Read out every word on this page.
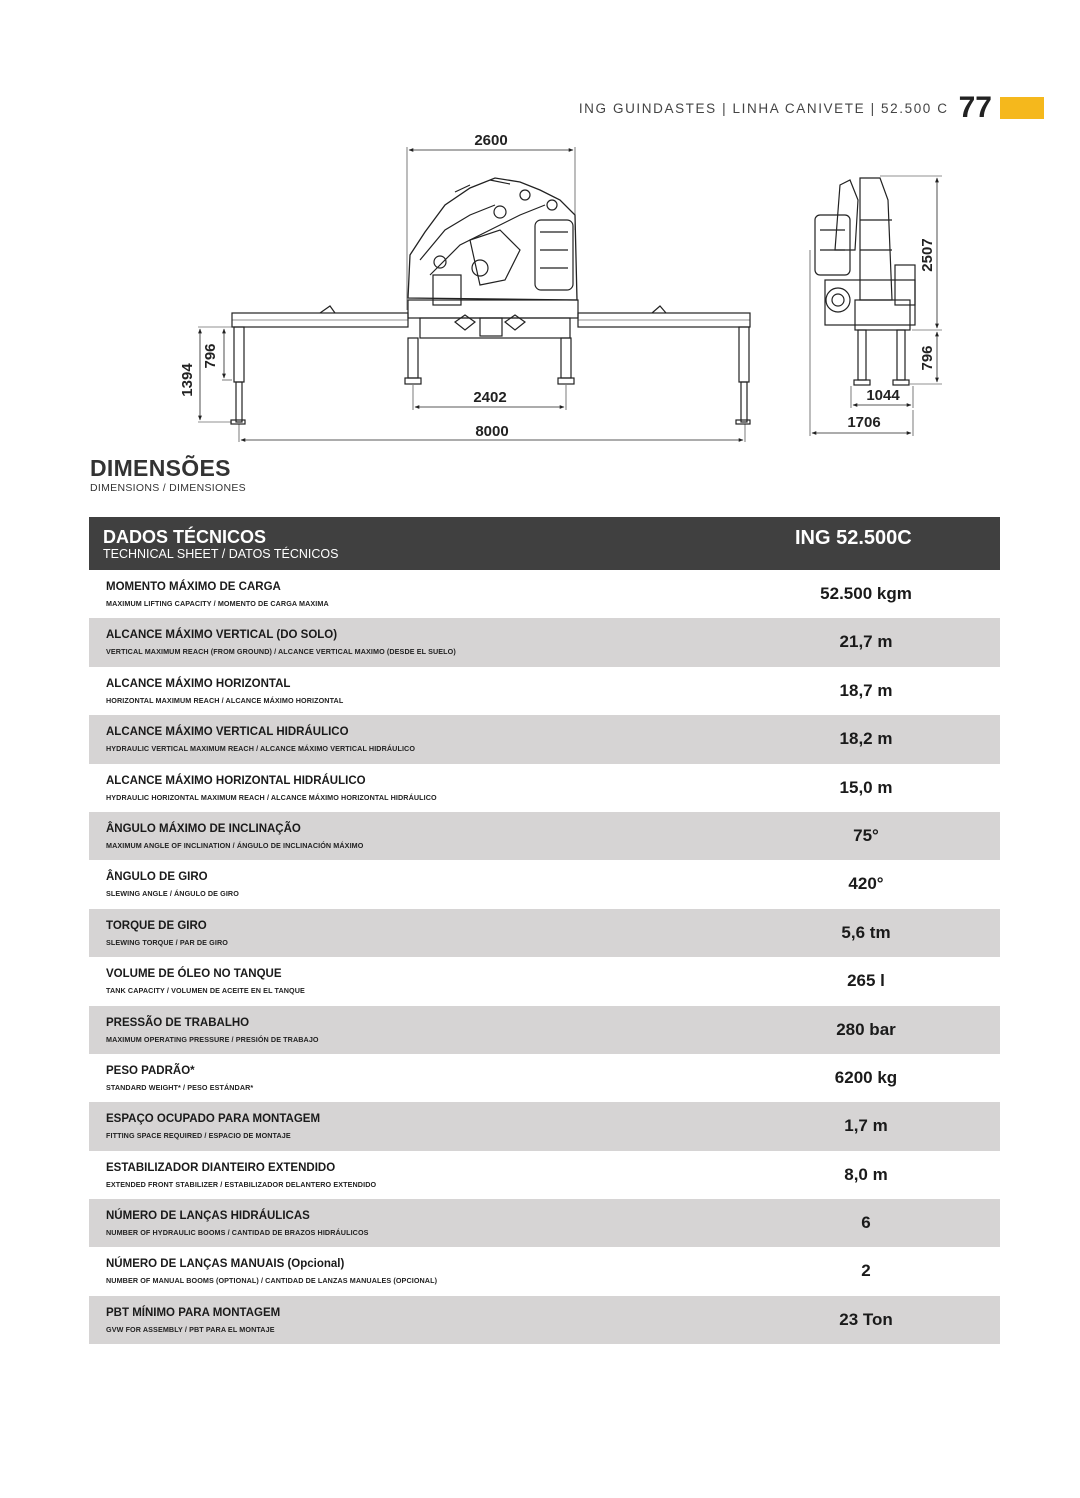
ING GUINDASTES | LINHA CANIVETE | 52.500 C 77
2600
796
1394
2402
8000
2507
796
1044
1706
DIMENSÕES
DIMENSIONS / DIMENSIONES
DADOS TÉCNICOS
TECHNICAL SHEET / DATOS TÉCNICOS
ING 52.500C
MOMENTO MÁXIMO DE CARGA
MAXIMUM LIFTING CAPACITY / MOMENTO DE CARGA MAXIMA
52.500 kgm
ALCANCE MÁXIMO VERTICAL (DO SOLO)
VERTICAL MAXIMUM REACH (FROM GROUND) / ALCANCE VERTICAL MAXIMO (DESDE EL SUELO)
21,7 m
ALCANCE MÁXIMO HORIZONTAL
HORIZONTAL MAXIMUM REACH / ALCANCE MÁXIMO HORIZONTAL
18,7 m
ALCANCE MÁXIMO VERTICAL HIDRÁULICO
HYDRAULIC VERTICAL MAXIMUM REACH / ALCANCE MÁXIMO VERTICAL HIDRÁULICO
18,2 m
ALCANCE MÁXIMO HORIZONTAL HIDRÁULICO
HYDRAULIC HORIZONTAL MAXIMUM REACH / ALCANCE MÁXIMO HORIZONTAL HIDRÁULICO
15,0 m
ÂNGULO MÁXIMO DE INCLINAÇÃO
MAXIMUM ANGLE OF INCLINATION / ÁNGULO DE INCLINACIÓN MÁXIMO
75°
ÂNGULO DE GIRO
SLEWING ANGLE / ÁNGULO DE GIRO
420°
TORQUE DE GIRO
SLEWING TORQUE / PAR DE GIRO
5,6 tm
VOLUME DE ÓLEO NO TANQUE
TANK CAPACITY / VOLUMEN DE ACEITE EN EL TANQUE
265 l
PRESSÃO DE TRABALHO
MAXIMUM OPERATING PRESSURE / PRESIÓN DE TRABAJO
280 bar
PESO PADRÃO*
STANDARD WEIGHT* / PESO ESTÁNDAR*
6200 kg
ESPAÇO OCUPADO PARA MONTAGEM
FITTING SPACE REQUIRED / ESPACIO DE MONTAJE
1,7 m
ESTABILIZADOR DIANTEIRO EXTENDIDO
EXTENDED FRONT STABILIZER / ESTABILIZADOR DELANTERO EXTENDIDO
8,0 m
NÚMERO DE LANÇAS HIDRÁULICAS
NUMBER OF HYDRAULIC BOOMS / CANTIDAD DE BRAZOS HIDRÁULICOS
6
NÚMERO DE LANÇAS MANUAIS (Opcional)
NUMBER OF MANUAL BOOMS (OPTIONAL) / CANTIDAD DE LANZAS MANUALES (OPCIONAL)
2
PBT MÍNIMO PARA MONTAGEM
GVW FOR ASSEMBLY / PBT PARA EL MONTAJE
23 Ton
